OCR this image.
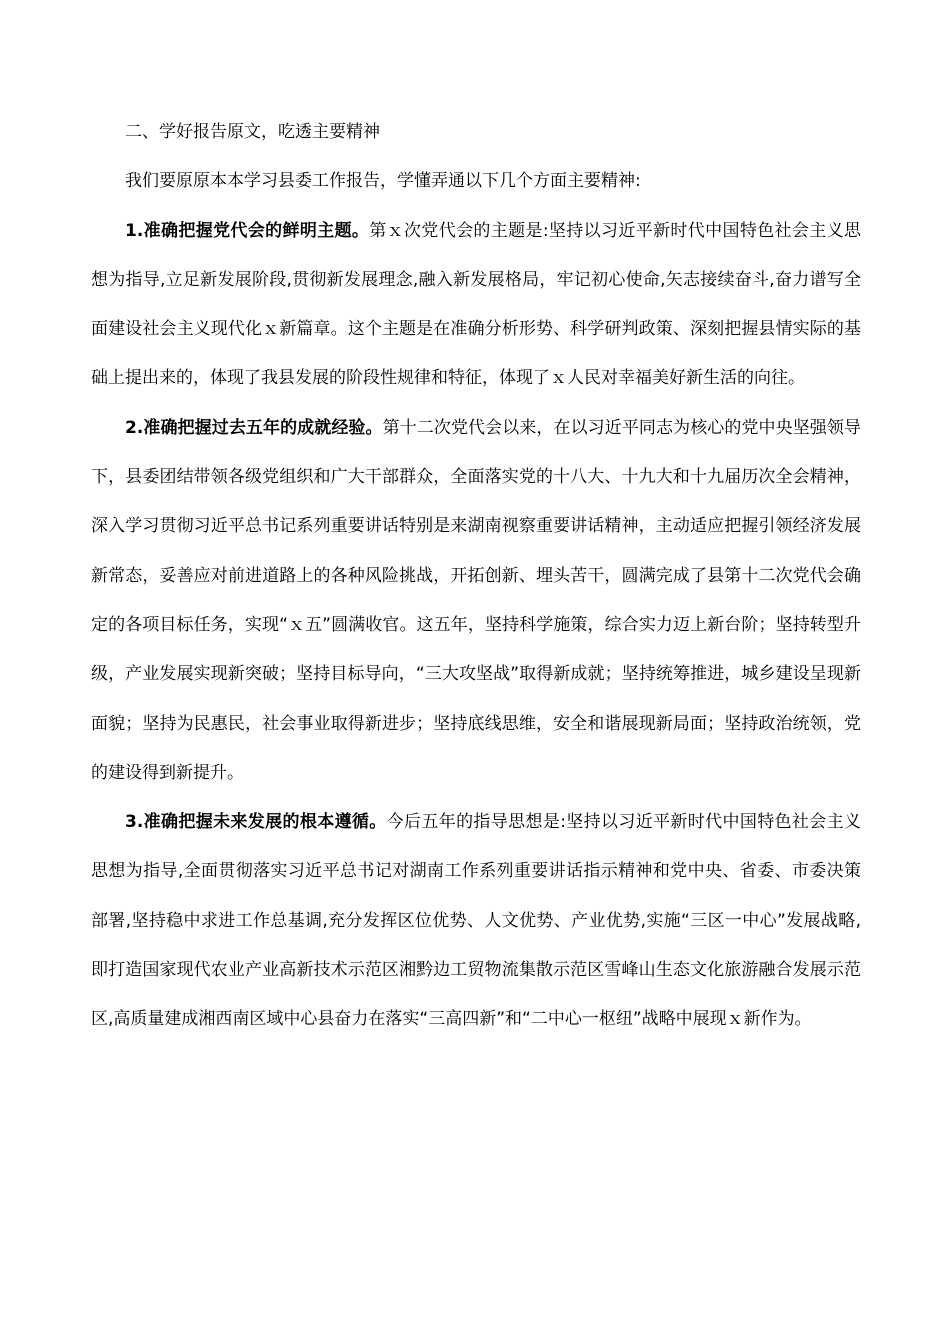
二、学好报告原文，吃透主要精神

我们要原原本本学习县委工作报告，学懂弄通以下几个方面主要精神:

1.准确把握党代会的鲜明主题。第ｘ次党代会的主题是:坚持以习近平新时代中国特色社会主义思想为指导,立足新发展阶段,贯彻新发展理念,融入新发展格局，牢记初心使命,矢志接续奋斗,奋力谱写全面建设社会主义现代化ｘ新篇章。这个主题是在准确分析形势、科学研判政策、深刻把握县情实际的基础上提出来的，体现了我县发展的阶段性规律和特征，体现了ｘ人民对幸福美好新生活的向往。

2.准确把握过去五年的成就经验。第十二次党代会以来，在以习近平同志为核心的党中央坚强领导下，县委团结带领各级党组织和广大干部群众，全面落实党的十八大、十九大和十九届历次全会精神，深入学习贯彻习近平总书记系列重要讲话特别是来湖南视察重要讲话精神，主动适应把握引领经济发展新常态，妥善应对前进道路上的各种风险挑战，开拓创新、埋头苦干，圆满完成了县第十二次党代会确定的各项目标任务，实现“ｘ五”圆满收官。这五年，坚持科学施策，综合实力迈上新台阶；坚持转型升级，产业发展实现新突破；坚持目标导向，“三大攻坚战”取得新成就；坚持统筹推进，城乡建设呈现新面貌；坚持为民惠民，社会事业取得新进步；坚持底线思维，安全和谐展现新局面；坚持政治统领，党的建设得到新提升。

3.准确把握未来发展的根本遵循。今后五年的指导思想是:坚持以习近平新时代中国特色社会主义思想为指导,全面贯彻落实习近平总书记对湖南工作系列重要讲话指示精神和党中央、省委、市委决策部署,坚持稳中求进工作总基调,充分发挥区位优势、人文优势、产业优势,实施“三区一中心”发展战略,即打造国家现代农业产业高新技术示范区湘黔边工贸物流集散示范区雪峰山生态文化旅游融合发展示范区,高质量建成湘西南区域中心县奋力在落实“三高四新”和“二中心一枢纽”战略中展现ｘ新作为。
